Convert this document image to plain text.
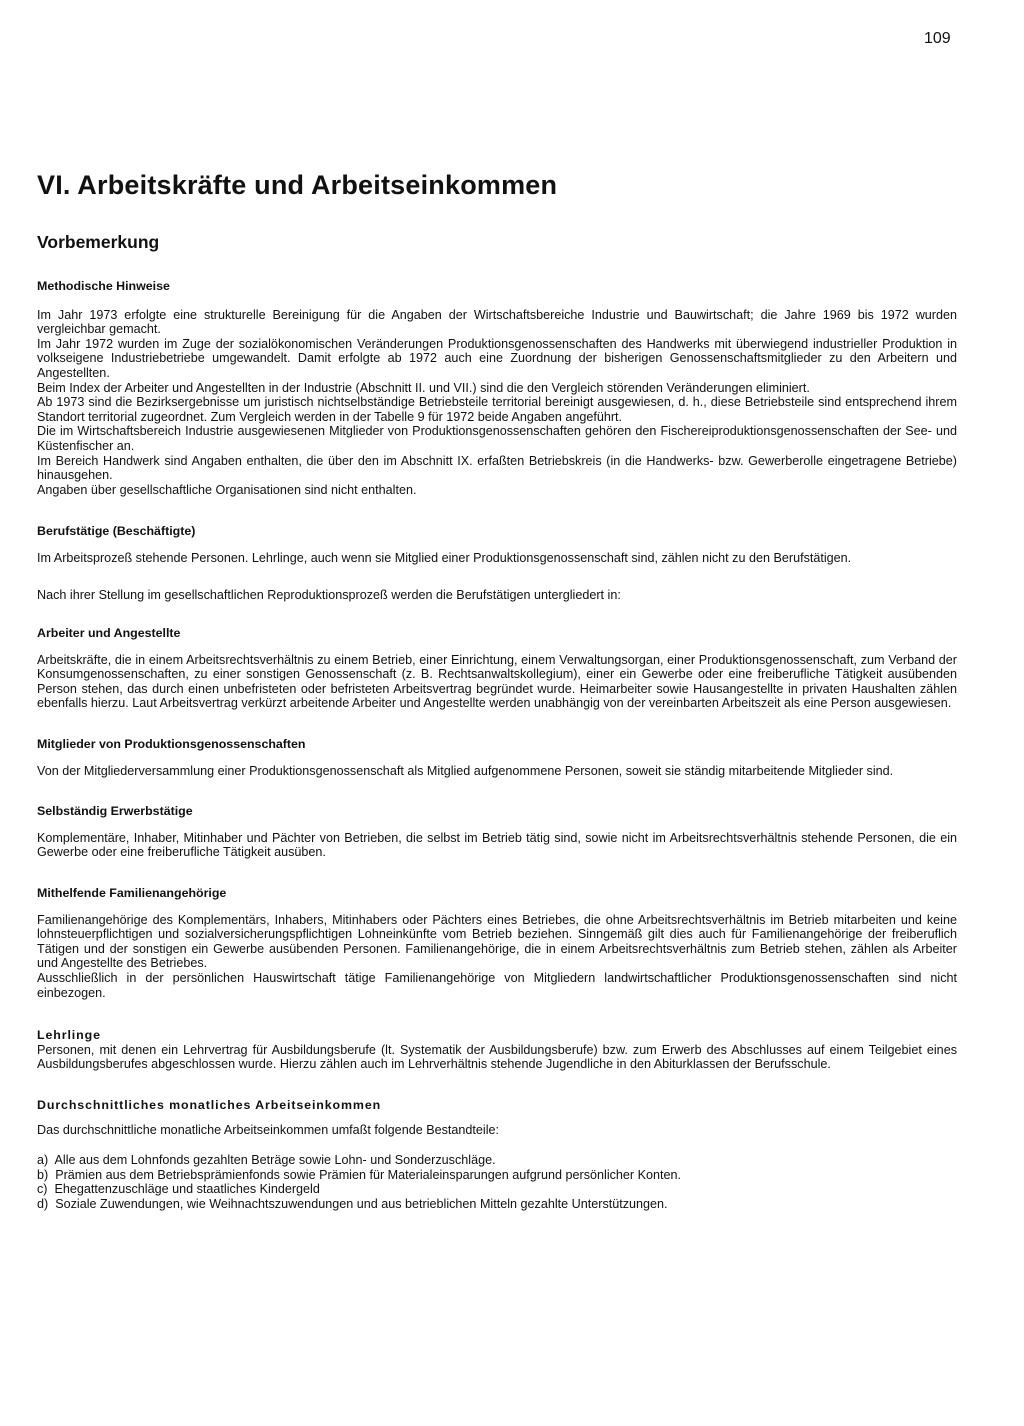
109
VI. Arbeitskräfte und Arbeitseinkommen
Vorbemerkung
Methodische Hinweise

Im Jahr 1973 erfolgte eine strukturelle Bereinigung für die Angaben der Wirtschaftsbereiche Industrie und Bauwirtschaft; die Jahre 1969 bis 1972 wurden vergleichbar gemacht.

Im Jahr 1972 wurden im Zuge der sozialökonomischen Veränderungen Produktionsgenossenschaften des Handwerks mit überwiegend industrieller Produktion in volkseigene Industriebetriebe umgewandelt. Damit erfolgte ab 1972 auch eine Zuordnung der bisherigen Genossenschaftsmitglieder zu den Arbeitern und Angestellten.

Beim Index der Arbeiter und Angestellten in der Industrie (Abschnitt II. und VII.) sind die den Vergleich störenden Veränderungen eliminiert.

Ab 1973 sind die Bezirksergebnisse um juristisch nichtselbständige Betriebsteile territorial bereinigt ausgewiesen, d. h., diese Betriebsteile sind entsprechend ihrem Standort territorial zugeordnet. Zum Vergleich werden in der Tabelle 9 für 1972 beide Angaben angeführt.

Die im Wirtschaftsbereich Industrie ausgewiesenen Mitglieder von Produktionsgenossenschaften gehören den Fischereiproduktionsgenossenschaften der See- und Küstenfischer an.

Im Bereich Handwerk sind Angaben enthalten, die über den im Abschnitt IX. erfaßten Betriebskreis (in die Handwerks- bzw. Gewerberolle eingetragene Betriebe) hinausgehen.

Angaben über gesellschaftliche Organisationen sind nicht enthalten.

Berufstätige (Beschäftigte)

Im Arbeitsprozeß stehende Personen. Lehrlinge, auch wenn sie Mitglied einer Produktionsgenossenschaft sind, zählen nicht zu den Berufstätigen.

Nach ihrer Stellung im gesellschaftlichen Reproduktionsprozeß werden die Berufstätigen untergliedert in:

Arbeiter und Angestellte

Arbeitskräfte, die in einem Arbeitsrechtsverhältnis zu einem Betrieb, einer Einrichtung, einem Verwaltungsorgan, einer Produktionsgenossenschaft, zum Verband der Konsumgenossenschaften, zu einer sonstigen Genossenschaft (z. B. Rechtsanwaltskollegium), einer ein Gewerbe oder eine freiberufliche Tätigkeit ausübenden Person stehen, das durch einen unbefristeten oder befristeten Arbeitsvertrag begründet wurde. Heimarbeiter sowie Hausangestellte in privaten Haushalten zählen ebenfalls hierzu. Laut Arbeitsvertrag verkürzt arbeitende Arbeiter und Angestellte werden unabhängig von der vereinbarten Arbeitszeit als eine Person ausgewiesen.

Mitglieder von Produktionsgenossenschaften

Von der Mitgliederversammlung einer Produktionsgenossenschaft als Mitglied aufgenommene Personen, soweit sie ständig mitarbeitende Mitglieder sind.

Selbständig Erwerbstätige

Komplementäre, Inhaber, Mitinhaber und Pächter von Betrieben, die selbst im Betrieb tätig sind, sowie nicht im Arbeitsrechtsverhältnis stehende Personen, die ein Gewerbe oder eine freiberufliche Tätigkeit ausüben.

Mithelfende Familienangehörige

Familienangehörige des Komplementärs, Inhabers, Mitinhabers oder Pächters eines Betriebes, die ohne Arbeitsrechtsverhältnis im Betrieb mitarbeiten und keine lohnsteuerpflichtigen und sozialversicherungspflichtigen Lohneinkünfte vom Betrieb beziehen. Sinngemäß gilt dies auch für Familienangehörige der freiberuflich Tätigen und der sonstigen ein Gewerbe ausübenden Personen. Familienangehörige, die in einem Arbeitsrechtsverhältnis zum Betrieb stehen, zählen als Arbeiter und Angestellte des Betriebes.

Ausschließlich in der persönlichen Hauswirtschaft tätige Familienangehörige von Mitgliedern landwirtschaftlicher Produktionsgenossenschaften sind nicht einbezogen.

Lehrlinge

Personen, mit denen ein Lehrvertrag für Ausbildungsberufe (lt. Systematik der Ausbildungsberufe) bzw. zum Erwerb des Abschlusses auf einem Teilgebiet eines Ausbildungsberufes abgeschlossen wurde. Hierzu zählen auch im Lehrverhältnis stehende Jugendliche in den Abiturklassen der Berufsschule.

Durchschnittliches monatliches Arbeitseinkommen

Das durchschnittliche monatliche Arbeitseinkommen umfaßt folgende Bestandteile:

a)  Alle aus dem Lohnfonds gezahlten Beträge sowie Lohn- und Sonderzuschläge.
b)  Prämien aus dem Betriebsprämienfonds sowie Prämien für Materialeinsparungen aufgrund persönlicher Konten.
c)  Ehegattenzuschläge und staatliches Kindergeld
d)  Soziale Zuwendungen, wie Weihnachtszuwendungen und aus betrieblichen Mitteln gezahlte Unterstützungen.
